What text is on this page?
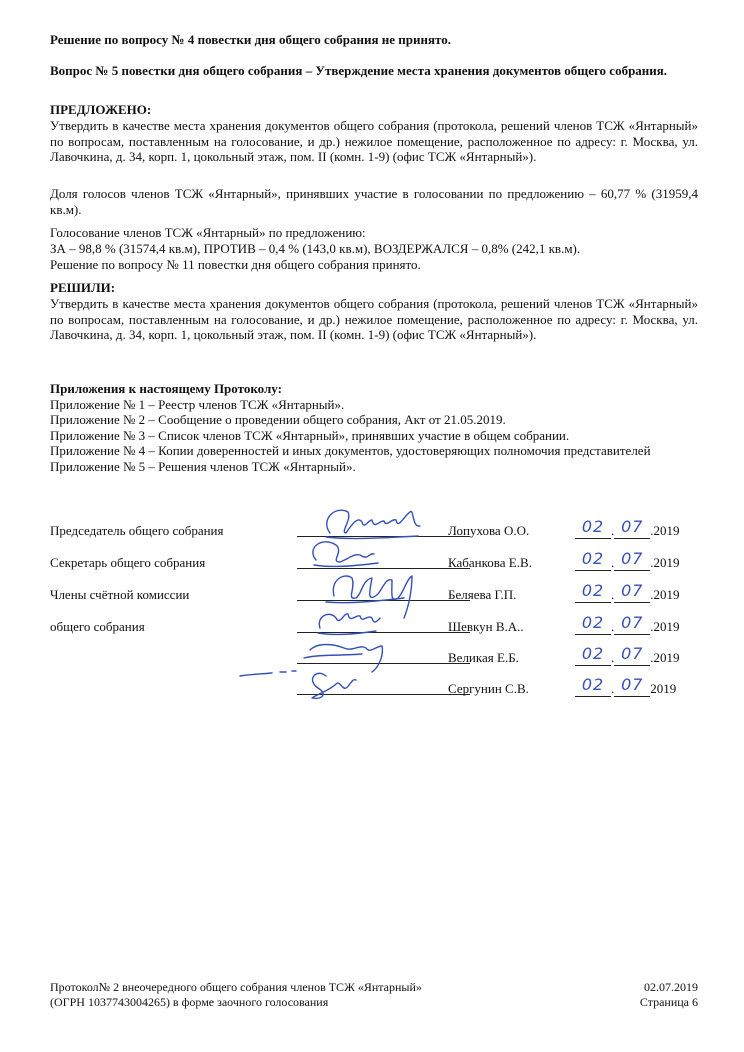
Решение по вопросу № 4 повестки дня общего собрания не принято.
Вопрос № 5 повестки дня общего собрания – Утверждение места хранения документов общего собрания.
ПРЕДЛОЖЕНО:
Утвердить в качестве места хранения документов общего собрания (протокола, решений членов ТСЖ «Янтарный» по вопросам, поставленным на голосование, и др.) нежилое помещение, расположенное по адресу: г. Москва, ул. Лавочкина, д. 34, корп. 1, цокольный этаж, пом. II (комн. 1-9) (офис ТСЖ «Янтарный»).
Доля голосов членов ТСЖ «Янтарный», принявших участие в голосовании по предложению – 60,77 % (31959,4 кв.м).
Голосование членов ТСЖ «Янтарный» по предложению:
ЗА – 98,8 % (31574,4 кв.м), ПРОТИВ – 0,4 % (143,0 кв.м), ВОЗДЕРЖАЛСЯ – 0,8% (242,1 кв.м).
Решение по вопросу № 11 повестки дня общего собрания принято.
РЕШИЛИ:
Утвердить в качестве места хранения документов общего собрания (протокола, решений членов ТСЖ «Янтарный» по вопросам, поставленным на голосование, и др.) нежилое помещение, расположенное по адресу: г. Москва, ул. Лавочкина, д. 34, корп. 1, цокольный этаж, пом. II (комн. 1-9) (офис ТСЖ «Янтарный»).

Приложения к настоящему Протоколу:

Приложение № 1 – Реестр членов ТСЖ «Янтарный».

Приложение № 2 – Сообщение о проведении общего собрания, Акт от 21.05.2019.

Приложение № 3 – Список членов ТСЖ «Янтарный», принявших участие в общем собрании.

Приложение № 4 – Копии доверенностей и иных документов, удостоверяющих полномочия представителей

Приложение № 5 – Решения членов ТСЖ «Янтарный».

Председатель общего собрания	Лопухова О.О.	02 . 07 .2019
Секретарь общего собрания	Кабанкова Е.В.	02 . 07 .2019
Члены счётной комиссии	Беляева Г.П.	02 . 07 .2019
общего собрания	Шевкун В.А..	02 . 07 .2019
Великая Е.Б.	02 . 07 .2019
Сергунин С.В.	02 . 07 2019
Протокол№ 2 внеочередного общего собрания членов ТСЖ «Янтарный»
(ОГРН 1037743004265) в форме заочного голосования
02.07.2019
Страница 6
